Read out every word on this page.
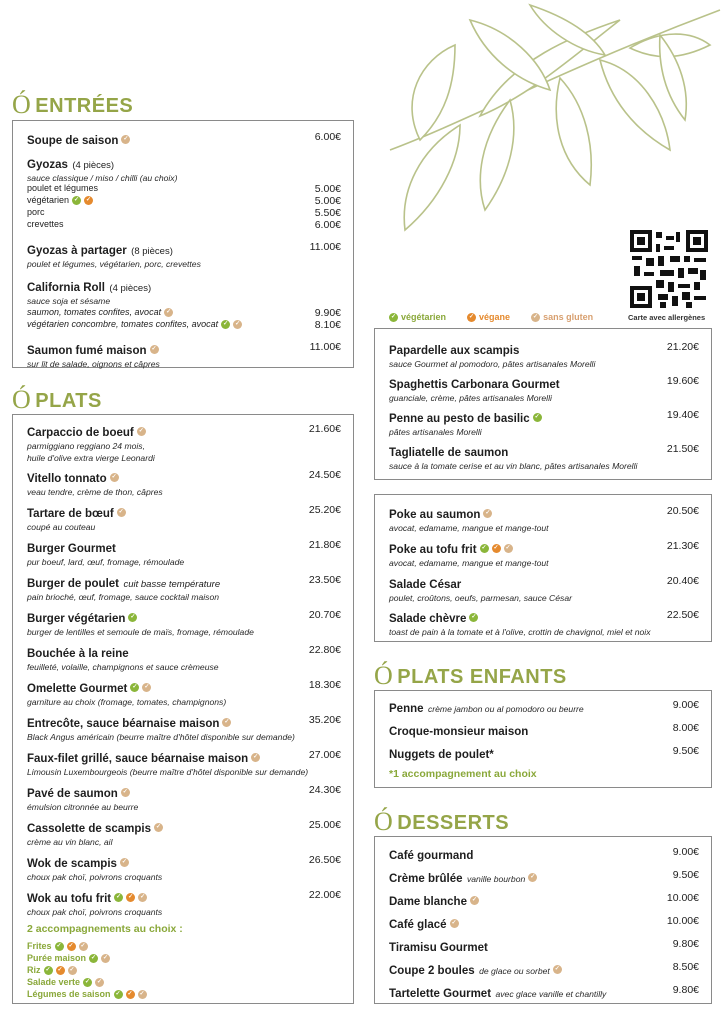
Carte avec allergènes
✓ végétarien	✓ végane	✓ sans gluten
Ó ENTRÉES
Soupe de saison ✓	6.00€
Gyozas (4 pièces)
sauce classique / miso / chilli (au choix)
poulet et légumes	5.00€
végétarien ✓ ✓	5.00€
porc	5.50€
crevettes	6.00€
Gyozas à partager (8 pièces)	11.00€
poulet et légumes, végétarien, porc, crevettes
California Roll (4 pièces)
sauce soja et sésame
saumon, tomates confites, avocat ✓	9.90€
végétarien concombre, tomates confites, avocat ✓ ✓	8.10€
Saumon fumé maison ✓	11.00€
sur lit de salade, oignons et câpres
Ó PLATS
Carpaccio de boeuf ✓	21.60€
parmiggiano reggiano 24 mois,
huile d'olive extra vierge Leonardi
Vitello tonnato ✓	24.50€
veau tendre, crème de thon, câpres
Tartare de bœuf ✓	25.20€
coupé au couteau
Burger Gourmet	21.80€
pur boeuf, lard, œuf, fromage, rémoulade
Burger de poulet cuit basse température	23.50€
pain brioché, œuf, fromage, sauce cocktail maison
Burger végétarien ✓	20.70€
burger de lentilles et semoule de maïs, fromage, rémoulade
Bouchée à la reine	22.80€
feuilleté, volaille, champignons et sauce crèmeuse
Omelette Gourmet ✓ ✓	18.30€
garniture au choix (fromage, tomates, champignons)
Entrecôte, sauce béarnaise maison ✓	35.20€
Black Angus américain (beurre maître d'hôtel disponible sur demande)
Faux-filet grillé, sauce béarnaise maison ✓	27.00€
Limousin Luxembourgeois (beurre maître d'hôtel disponible sur demande)
Pavé de saumon ✓	24.30€
émulsion citronnée au beurre
Cassolette de scampis ✓	25.00€
crème au vin blanc, ail
Wok de scampis ✓	26.50€
choux pak choï, poivrons croquants
Wok au tofu frit ✓ ✓ ✓	22.00€
choux pak choï, poivrons croquants
2 accompagnements au choix :
Frites ✓ ✓ ✓
Purée maison ✓ ✓
Riz ✓ ✓ ✓
Salade verte ✓ ✓
Légumes de saison ✓ ✓ ✓
Papardelle aux scampis	21.20€
sauce Gourmet al pomodoro, pâtes artisanales Morelli
Spaghettis Carbonara Gourmet	19.60€
guanciale, crème, pâtes artisanales Morelli
Penne au pesto de basilic ✓	19.40€
pâtes artisanales Morelli
Tagliatelle de saumon	21.50€
sauce à la tomate cerise et au vin blanc, pâtes artisanales Morelli
Poke au saumon ✓	20.50€
avocat, edamame, mangue et mange-tout
Poke au tofu frit ✓ ✓ ✓	21.30€
avocat, edamame, mangue et mange-tout
Salade César	20.40€
poulet, croûtons, oeufs, parmesan, sauce César
Salade chèvre ✓	22.50€
toast de pain à la tomate et à l'olive, crottin de chavignol, miel et noix
Ó PLATS ENFANTS
Penne crème jambon ou al pomodoro ou beurre	9.00€
Croque-monsieur maison	8.00€
Nuggets de poulet*	9.50€
*1 accompagnement au choix
Ó DESSERTS
Café gourmand	9.00€
Crème brûlée vanille bourbon ✓	9.50€
Dame blanche ✓	10.00€
Café glacé ✓	10.00€
Tiramisu Gourmet	9.80€
Coupe 2 boules de glace ou sorbet ✓	8.50€
Tartelette Gourmet avec glace vanille et chantilly	9.80€
